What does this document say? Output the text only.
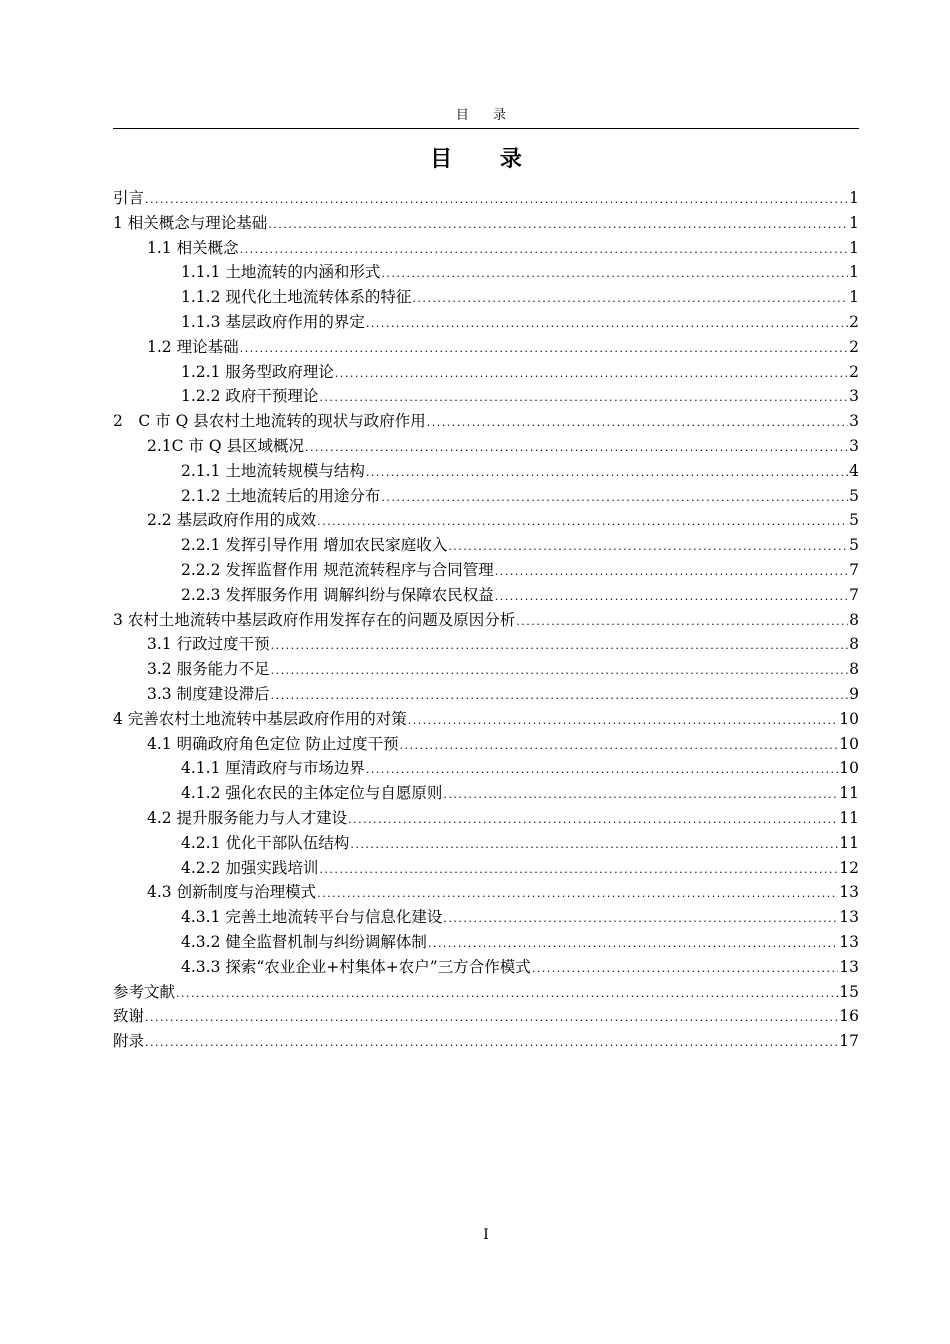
目 录
目 录
引言 .....	1
1 相关概念与理论基础 .....	1
1.1 相关概念 .....	1
1.1.1 土地流转的内涵和形式 .....	1
1.1.2 现代化土地流转体系的特征 .....	1
1.1.3 基层政府作用的界定 .....	2
1.2 理论基础 .....	2
1.2.1 服务型政府理论 .....	2
1.2.2 政府干预理论 .....	3
2　C 市 Q 县农村土地流转的现状与政府作用 .....	3
2.1C 市 Q 县区域概况 .....	3
2.1.1 土地流转规模与结构 .....	4
2.1.2 土地流转后的用途分布 .....	5
2.2 基层政府作用的成效 .....	5
2.2.1 发挥引导作用 增加农民家庭收入 .....	5
2.2.2 发挥监督作用 规范流转程序与合同管理 .....	7
2.2.3 发挥服务作用 调解纠纷与保障农民权益 .....	7
3 农村土地流转中基层政府作用发挥存在的问题及原因分析 .....	8
3.1 行政过度干预 .....	8
3.2 服务能力不足 .....	8
3.3 制度建设滞后 .....	9
4 完善农村土地流转中基层政府作用的对策 .....	10
4.1 明确政府角色定位 防止过度干预 .....	10
4.1.1 厘清政府与市场边界 .....	10
4.1.2 强化农民的主体定位与自愿原则 .....	11
4.2 提升服务能力与人才建设 .....	11
4.2.1 优化干部队伍结构 .....	11
4.2.2 加强实践培训 .....	12
4.3 创新制度与治理模式 .....	13
4.3.1 完善土地流转平台与信息化建设 .....	13
4.3.2 健全监督机制与纠纷调解体制 .....	13
4.3.3 探索“农业企业+村集体+农户”三方合作模式 .....	13
参考文献 .....	15
致谢 .....	16
附录 .....	17
I
